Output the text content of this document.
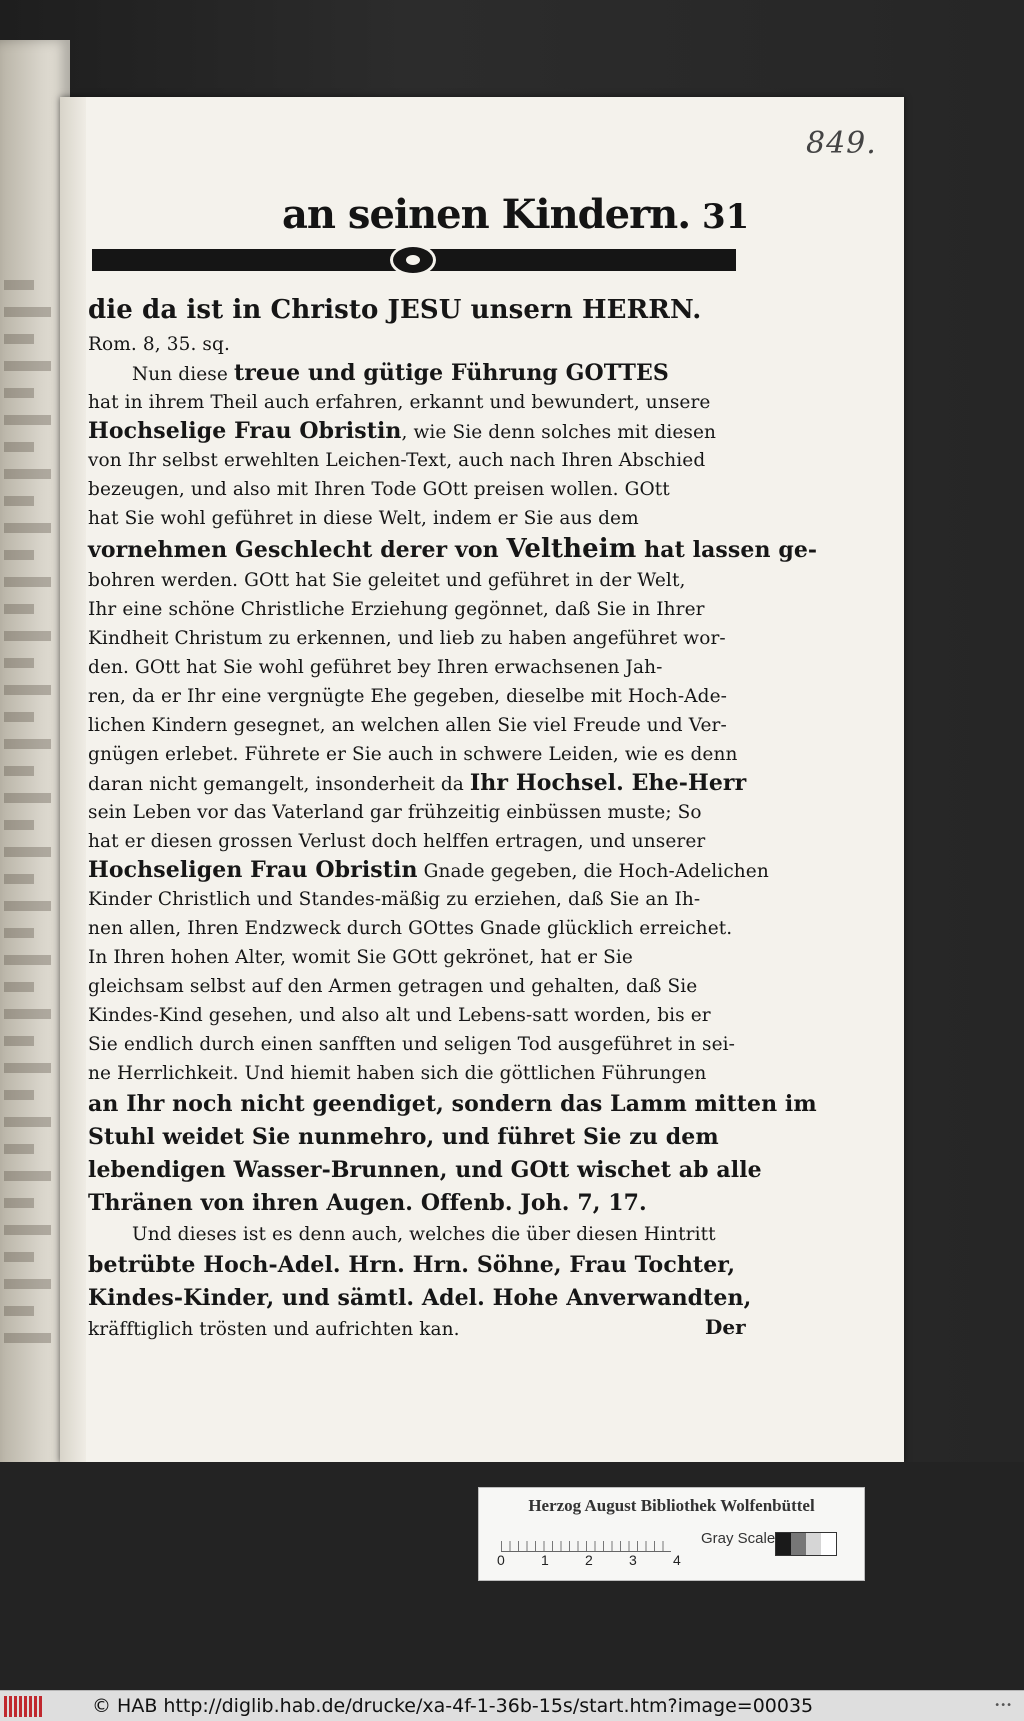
849.
an seinen Kindern. 31
die da ist in Christo JESU unsern HERRN.
Rom. 8, 35. sq.
Nun diese treue und gütige Führung GOTTES
hat in ihrem Theil auch erfahren, erkannt und bewundert, unsere
Hochselige Frau Obristin, wie Sie denn solches mit diesen
von Ihr selbst erwehlten Leichen-Text, auch nach Ihren Abschied
bezeugen, und also mit Ihren Tode GOtt preisen wollen. GOtt
hat Sie wohl geführet in diese Welt, indem er Sie aus dem
vornehmen Geschlecht derer von Veltheim hat lassen ge-
bohren werden. GOtt hat Sie geleitet und geführet in der Welt,
Ihr eine schöne Christliche Erziehung gegönnet, daß Sie in Ihrer
Kindheit Christum zu erkennen, und lieb zu haben angeführet wor-
den. GOtt hat Sie wohl geführet bey Ihren erwachsenen Jah-
ren, da er Ihr eine vergnügte Ehe gegeben, dieselbe mit Hoch-Ade-
lichen Kindern gesegnet, an welchen allen Sie viel Freude und Ver-
gnügen erlebet. Führete er Sie auch in schwere Leiden, wie es denn
daran nicht gemangelt, insonderheit da Ihr Hochsel. Ehe-Herr
sein Leben vor das Vaterland gar frühzeitig einbüssen muste; So
hat er diesen grossen Verlust doch helffen ertragen, und unserer
Hochseligen Frau Obristin Gnade gegeben, die Hoch-Adelichen
Kinder Christlich und Standes-mäßig zu erziehen, daß Sie an Ih-
nen allen, Ihren Endzweck durch GOttes Gnade glücklich erreichet.
In Ihren hohen Alter, womit Sie GOtt gekrönet, hat er Sie
gleichsam selbst auf den Armen getragen und gehalten, daß Sie
Kindes-Kind gesehen, und also alt und Lebens-satt worden, bis er
Sie endlich durch einen sanfften und seligen Tod ausgeführet in sei-
ne Herrlichkeit. Und hiemit haben sich die göttlichen Führungen
an Ihr noch nicht geendiget, sondern das Lamm mitten im
Stuhl weidet Sie nunmehro, und führet Sie zu dem
lebendigen Wasser-Brunnen, und GOtt wischet ab alle
Thränen von ihren Augen. Offenb. Joh. 7, 17.
Und dieses ist es denn auch, welches die über diesen Hintritt
betrübte Hoch-Adel. Hrn. Hrn. Söhne, Frau Tochter,
Kindes-Kinder, und sämtl. Adel. Hohe Anverwandten,
kräfftiglich trösten und aufrichten kan.	Der
Herzog August Bibliothek Wolfenbüttel
0	1	2	3	4
Gray Scale
© HAB http://diglib.hab.de/drucke/xa-4f-1-36b-15s/start.htm?image=00035	•••
